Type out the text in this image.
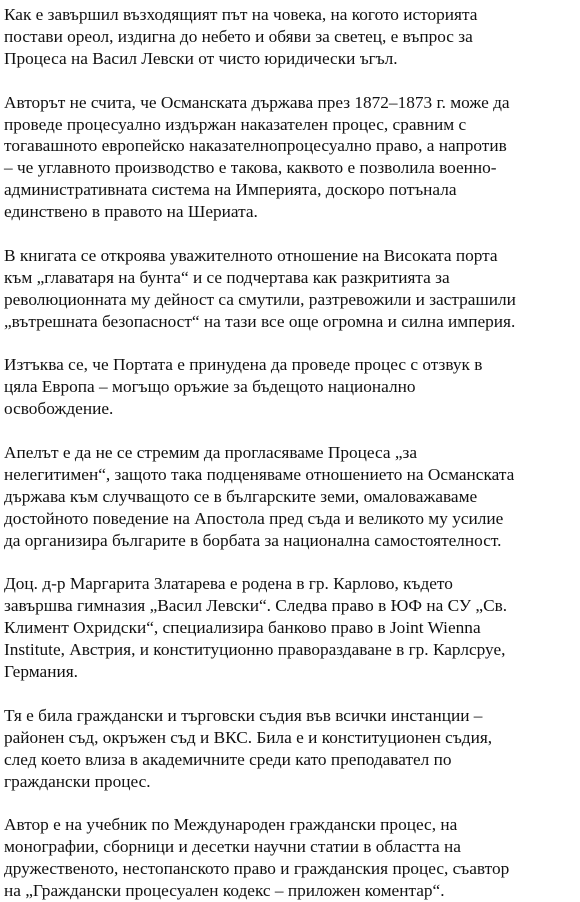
Как е завършил възходящият път на човека, на когото историята
постави ореол, издигна до небето и обяви за светец, е въпрос за
Процеса на Васил Левски от чисто юридически ъгъл.

Авторът не счита, че Османската държава през 1872–1873 г. може да
проведе процесуално издържан наказателен процес, сравним с
тогавашното европейско наказателнопроцесуално право, а напротив
– че углавното производство е такова, каквото е позволила военно-
административната система на Империята, доскоро потънала
единствено в правото на Шериата.

В книгата се откроява уважителното отношение на Високата порта
към „главатаря на бунта“ и се подчертава как разкритията за
революционната му дейност са смутили, разтревожили и застрашили
„вътрешната безопасност“ на тази все още огромна и силна империя.

Изтъква се, че Портата е принудена да проведе процес с отзвук в
цяла Европа – могъщо оръжие за бъдещото национално
освобождение.

Апелът е да не се стремим да прогласяваме Процеса „за
нелегитимен“, защото така подценяваме отношението на Османската
държава към случващото се в българските земи, омаловажаваме
достойното поведение на Апостола пред съда и великото му усилие
да организира българите в борбата за национална самостоятелност.

Доц. д-р Маргарита Златарева е родена в гр. Карлово, където
завършва гимназия „Васил Левски“. Следва право в ЮФ на СУ „Св.
Климент Охридски“, специализира банково право в Joint Wienna
Institute, Австрия, и конституционно правораздаване в гр. Карлсруе,
Германия.

Тя е била граждански и търговски съдия във всички инстанции –
районен съд, окръжен съд и ВКС. Била е и конституционен съдия,
след което влиза в академичните среди като преподавател по
граждански процес.

Автор е на учебник по Международен граждански процес, на
монографии, сборници и десетки научни статии в областта на
дружественото, нестопанското право и гражданския процес, съавтор
на „Граждански процесуален кодекс – приложен коментар“.
